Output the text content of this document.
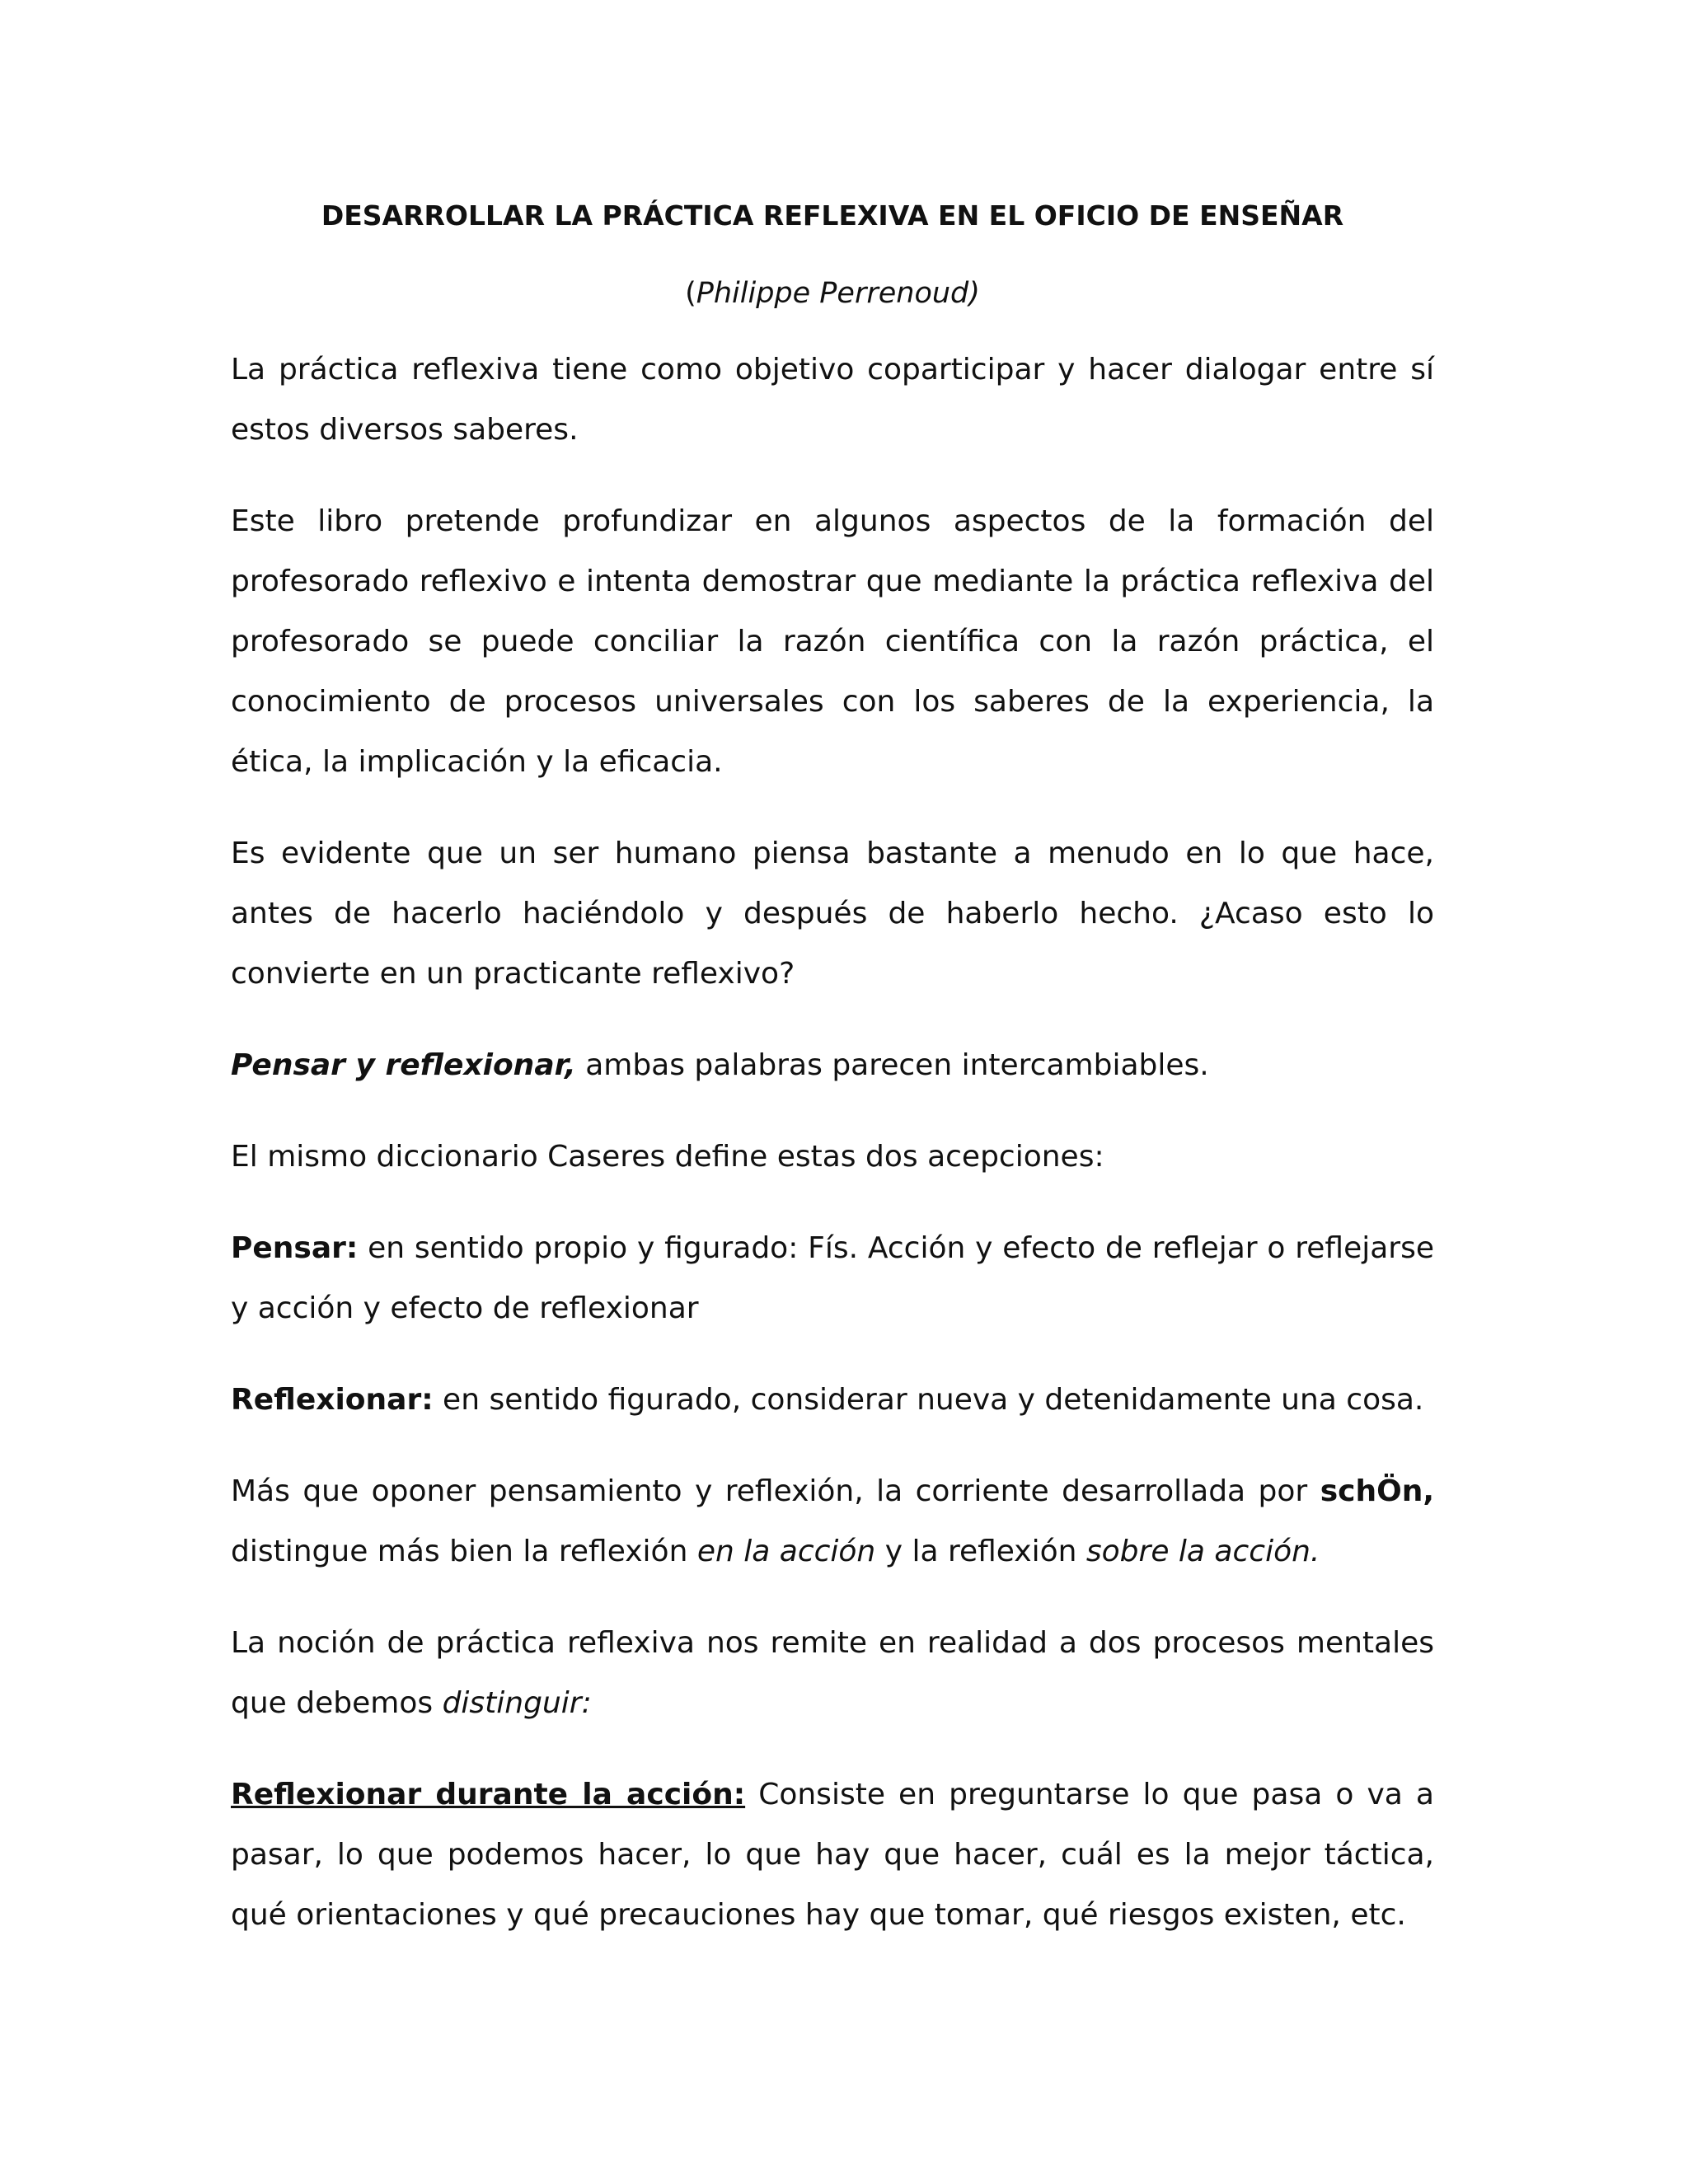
DESARROLLAR LA PRÁCTICA REFLEXIVA EN EL OFICIO DE ENSEÑAR

(Philippe Perrenoud)

La práctica reflexiva tiene como objetivo coparticipar y hacer dialogar entre sí estos diversos saberes.

Este libro pretende profundizar en algunos aspectos de la formación del profesorado reflexivo e intenta demostrar que mediante la práctica reflexiva del profesorado se puede conciliar la razón científica con la razón práctica, el conocimiento de procesos universales con los saberes de la experiencia, la ética, la implicación y la eficacia.

Es evidente que un ser humano piensa bastante a menudo en lo que hace, antes de hacerlo haciéndolo y después de haberlo hecho. ¿Acaso esto lo convierte en un practicante reflexivo?

Pensar y reflexionar, ambas palabras parecen intercambiables.

El mismo diccionario Caseres define estas dos acepciones:

Pensar: en sentido propio y figurado: Fís. Acción y efecto de reflejar o reflejarse y acción y efecto de reflexionar

Reflexionar: en sentido figurado, considerar nueva y detenidamente una cosa.

Más que oponer pensamiento y reflexión, la corriente desarrollada por schÖn, distingue más bien la reflexión en la acción y la reflexión sobre la acción.

La noción de práctica reflexiva nos remite en realidad a dos procesos mentales que debemos distinguir:

Reflexionar durante la acción: Consiste en preguntarse lo que pasa o va a pasar, lo que podemos hacer, lo que hay que hacer, cuál es la mejor táctica, qué orientaciones y qué precauciones hay que tomar, qué riesgos existen, etc.
